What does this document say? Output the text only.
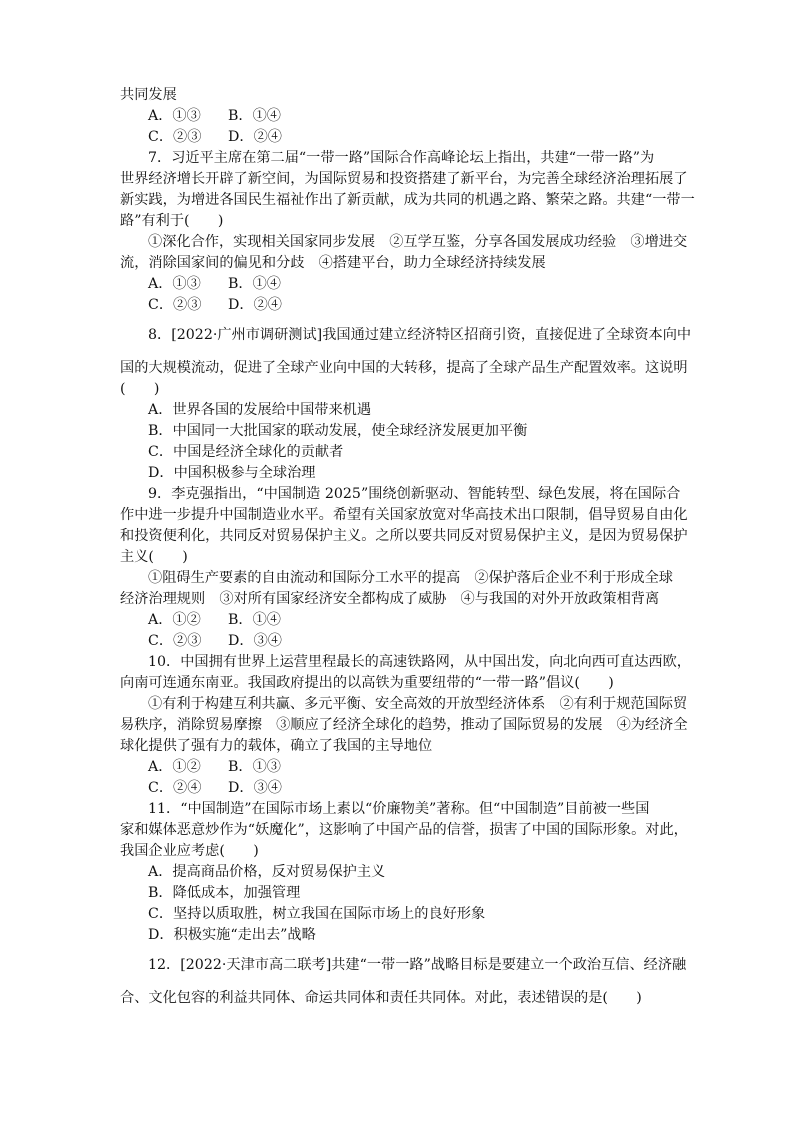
共同发展
A．①③ B．①④
C．②③ D．②④
7．习近平主席在第二届“一带一路”国际合作高峰论坛上指出，共建“一带一路”为
世界经济增长开辟了新空间，为国际贸易和投资搭建了新平台，为完善全球经济治理拓展了
新实践，为增进各国民生福祉作出了新贡献，成为共同的机遇之路、繁荣之路。共建“一带一
路”有利于(　　)
①深化合作，实现相关国家同步发展　②互学互鉴，分享各国发展成功经验　③增进交
流，消除国家间的偏见和分歧　④搭建平台，助力全球经济持续发展
A．①③ B．①④
C．②③ D．②④
8．[2022·广州市调研测试]我国通过建立经济特区招商引资，直接促进了全球资本向中
国的大规模流动，促进了全球产业向中国的大转移，提高了全球产品生产配置效率。这说明
(　　)
A．世界各国的发展给中国带来机遇
B．中国同一大批国家的联动发展，使全球经济发展更加平衡
C．中国是经济全球化的贡献者
D．中国积极参与全球治理
9．李克强指出，“中国制造 2025”围绕创新驱动、智能转型、绿色发展，将在国际合
作中进一步提升中国制造业水平。希望有关国家放宽对华高技术出口限制，倡导贸易自由化
和投资便利化，共同反对贸易保护主义。之所以要共同反对贸易保护主义，是因为贸易保护
主义(　　)
①阻碍生产要素的自由流动和国际分工水平的提高　②保护落后企业不利于形成全球
经济治理规则　③对所有国家经济安全都构成了威胁　④与我国的对外开放政策相背离
A．①② B．①④
C．②③ D．③④
10．中国拥有世界上运营里程最长的高速铁路网，从中国出发，向北向西可直达西欧，
向南可连通东南亚。我国政府提出的以高铁为重要纽带的“一带一路”倡议(　　)
①有利于构建互利共赢、多元平衡、安全高效的开放型经济体系　②有利于规范国际贸
易秩序，消除贸易摩擦　③顺应了经济全球化的趋势，推动了国际贸易的发展　④为经济全
球化提供了强有力的载体，确立了我国的主导地位
A．①② B．①③
C．②④ D．③④
11．“中国制造”在国际市场上素以“价廉物美”著称。但“中国制造”目前被一些国
家和媒体恶意炒作为“妖魔化”，这影响了中国产品的信誉，损害了中国的国际形象。对此，
我国企业应考虑(　　)
A．提高商品价格，反对贸易保护主义
B．降低成本，加强管理
C．坚持以质取胜，树立我国在国际市场上的良好形象
D．积极实施“走出去”战略
12．[2022·天津市高二联考]共建“一带一路”战略目标是要建立一个政治互信、经济融
合、文化包容的利益共同体、命运共同体和责任共同体。对此，表述错误的是(　　)
